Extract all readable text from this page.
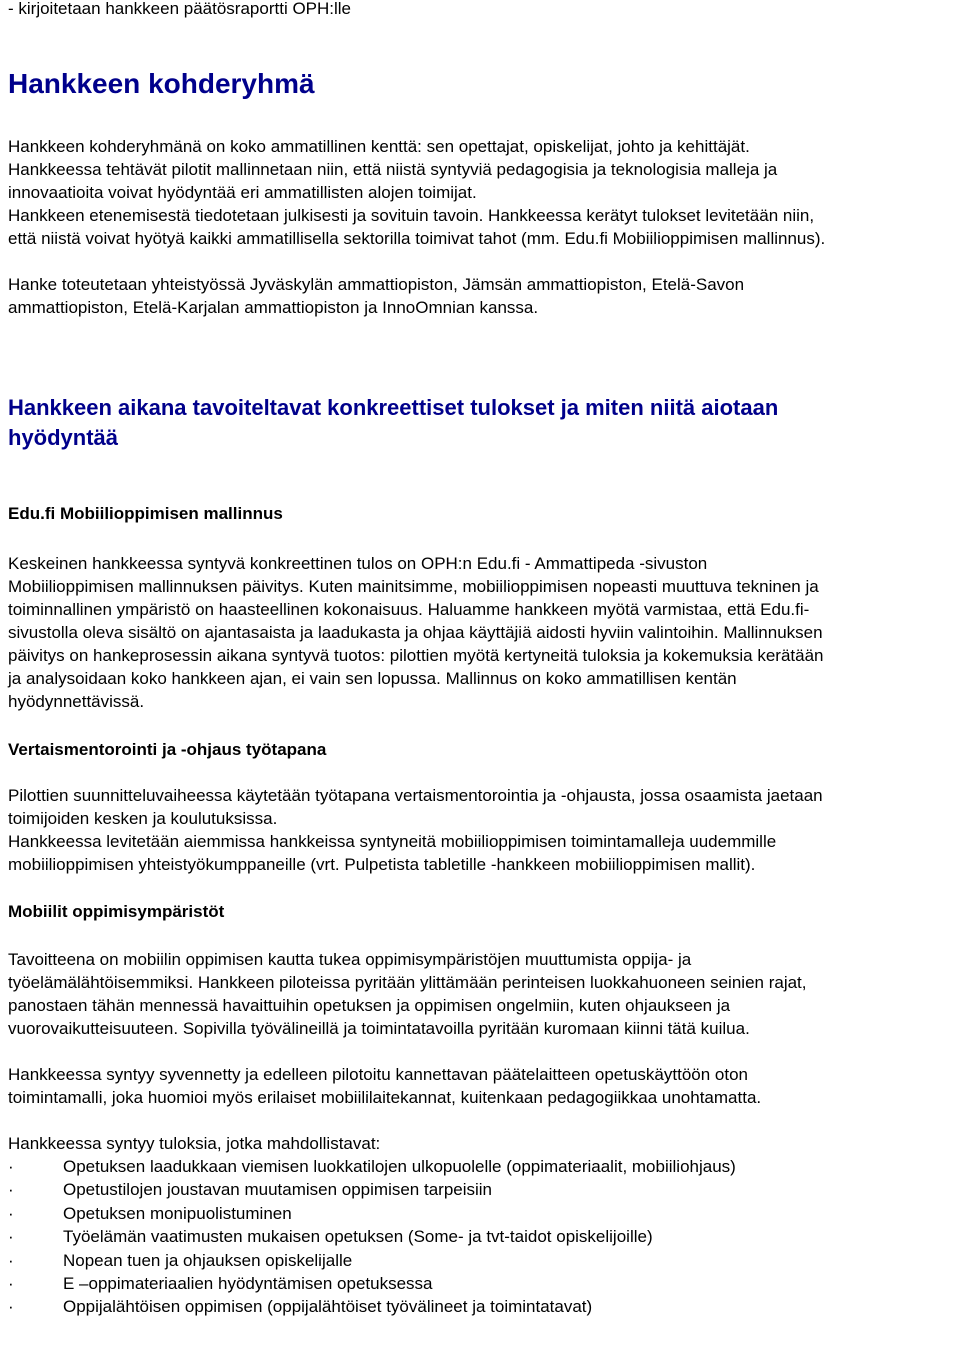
- kirjoitetaan hankkeen päätösraportti OPH:lle
Hankkeen kohderyhmä
Hankkeen kohderyhmänä on koko ammatillinen kenttä: sen opettajat, opiskelijat, johto ja kehittäjät.
Hankkeessa tehtävät pilotit mallinnetaan niin, että niistä syntyviä pedagogisia ja teknologisia malleja ja
innovaatioita voivat hyödyntää eri ammatillisten alojen toimijat.
Hankkeen etenemisestä tiedotetaan julkisesti ja sovituin tavoin. Hankkeessa kerätyt tulokset levitetään niin,
että niistä voivat hyötyä kaikki ammatillisella sektorilla toimivat tahot (mm. Edu.fi Mobiilioppimisen mallinnus).
Hanke toteutetaan yhteistyössä Jyväskylän ammattiopiston, Jämsän ammattiopiston, Etelä-Savon
ammattiopiston, Etelä-Karjalan ammattiopiston ja InnoOmnian kanssa.
Hankkeen aikana tavoiteltavat konkreettiset tulokset ja miten niitä aiotaan
hyödyntää
Edu.fi Mobiilioppimisen mallinnus
Keskeinen hankkeessa syntyvä konkreettinen tulos on OPH:n Edu.fi - Ammattipeda -sivuston
Mobiilioppimisen mallinnuksen päivitys. Kuten mainitsimme, mobiilioppimisen nopeasti muuttuva tekninen ja
toiminnallinen ympäristö on haasteellinen kokonaisuus. Haluamme hankkeen myötä varmistaa, että Edu.fi-
sivustolla oleva sisältö on ajantasaista ja laadukasta ja ohjaa käyttäjiä aidosti hyviin valintoihin. Mallinnuksen
päivitys on hankeprosessin aikana syntyvä tuotos: pilottien myötä kertyneitä tuloksia ja kokemuksia kerätään
ja analysoidaan koko hankkeen ajan, ei vain sen lopussa. Mallinnus on koko ammatillisen kentän
hyödynnettävissä.
Vertaismentorointi ja -ohjaus työtapana
Pilottien suunnitteluvaiheessa käytetään työtapana vertaismentorointia ja -ohjausta, jossa osaamista jaetaan
toimijoiden kesken ja koulutuksissa.
Hankkeessa levitetään aiemmissa hankkeissa syntyneitä mobiilioppimisen toimintamalleja uudemmille
mobiilioppimisen yhteistyökumppaneille (vrt. Pulpetista tabletille -hankkeen mobiilioppimisen mallit).
Mobiilit oppimisympäristöt
Tavoitteena on mobiilin oppimisen kautta tukea oppimisympäristöjen muuttumista oppija- ja
työelämälähtöisemmiksi. Hankkeen piloteissa pyritään ylittämään perinteisen luokkahuoneen seinien rajat,
panostaen tähän mennessä havaittuihin opetuksen ja oppimisen ongelmiin, kuten ohjaukseen ja
vuorovaikutteisuuteen. Sopivilla työvälineillä ja toimintatavoilla pyritään kuromaan kiinni tätä kuilua.
Hankkeessa syntyy syvennetty ja edelleen pilotoitu kannettavan päätelaitteen opetuskäyttöön oton
toimintamalli, joka huomioi myös erilaiset mobiililaitekannat, kuitenkaan pedagogiikkaa unohtamatta.
Hankkeessa syntyy tuloksia, jotka mahdollistavat:
·	Opetuksen laadukkaan viemisen luokkatilojen ulkopuolelle (oppimateriaalit, mobiiliohjaus)
·	Opetustilojen joustavan muutamisen oppimisen tarpeisiin
·	Opetuksen monipuolistuminen
·	Työelämän vaatimusten mukaisen opetuksen (Some- ja tvt-taidot opiskelijoille)
·	Nopean tuen ja ohjauksen opiskelijalle
·	E –oppimateriaalien hyödyntämisen opetuksessa
·	Oppijalähtöisen oppimisen (oppijalähtöiset työvälineet ja toimintatavat)
